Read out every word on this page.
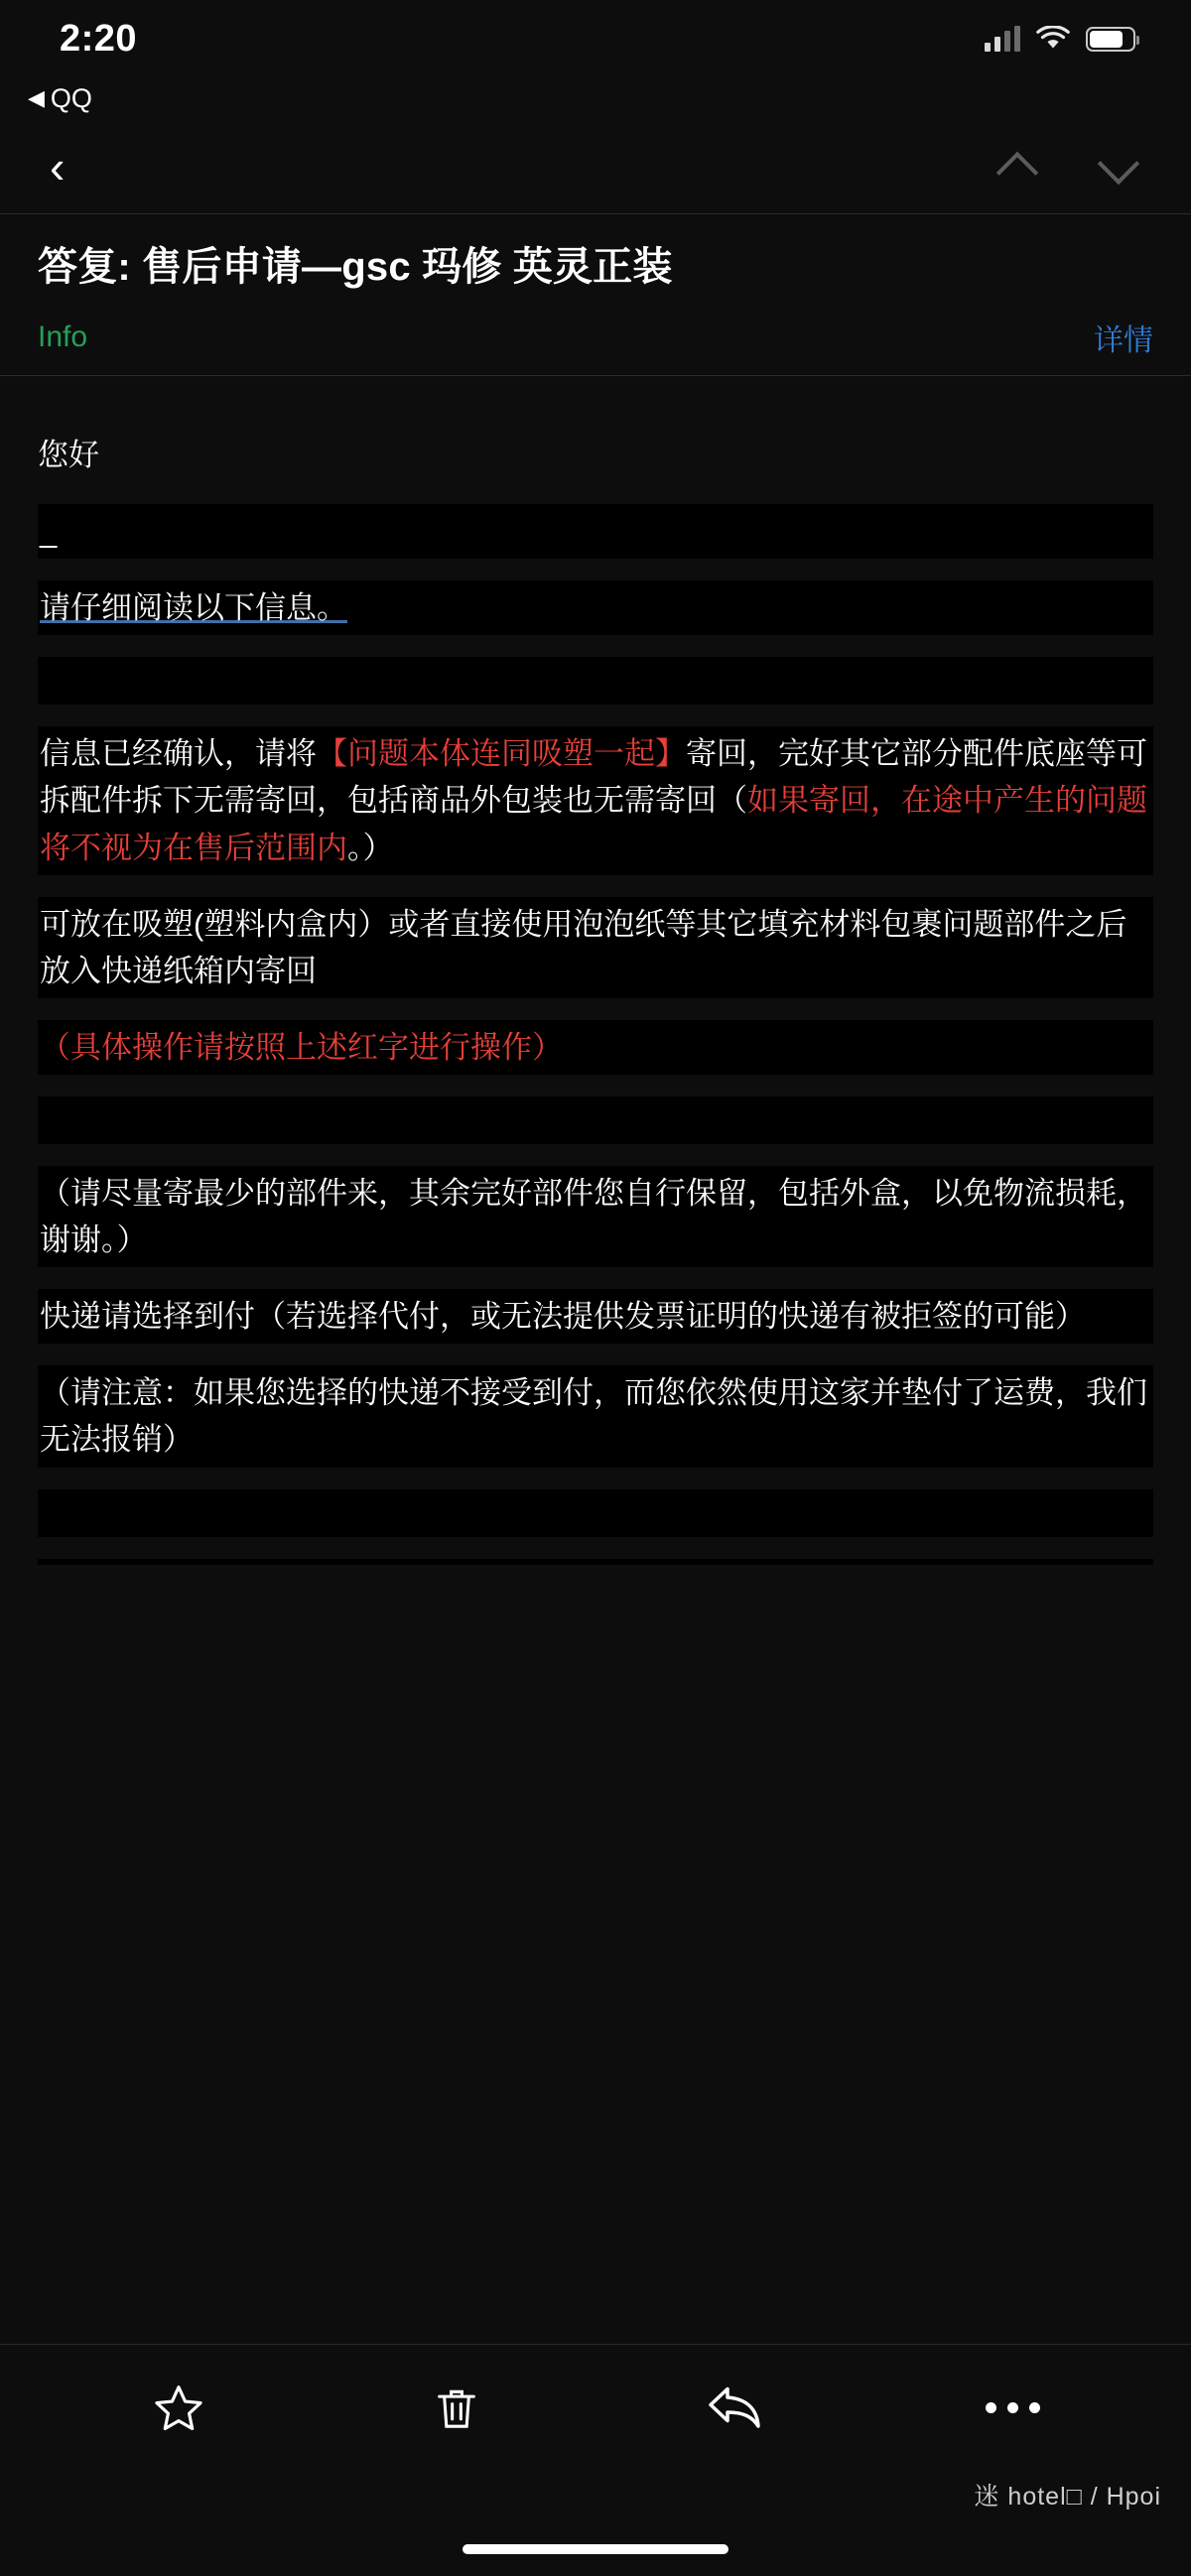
2:20
◀ QQ
‹
答复: 售后申请—gsc 玛修 英灵正装
Info	详情
您好
_
请仔细阅读以下信息。
信息已经确认，请将【问题本体连同吸塑一起】寄回，完好其它部分配件底座等可拆配件拆下无需寄回，包括商品外包装也无需寄回（如果寄回，在途中产生的问题将不视为在售后范围内。）
可放在吸塑(塑料内盒内）或者直接使用泡泡纸等其它填充材料包裹问题部件之后放入快递纸箱内寄回
（具体操作请按照上述红字进行操作）
（请尽量寄最少的部件来，其余完好部件您自行保留，包括外盒，以免物流损耗，谢谢。）
快递请选择到付（若选择代付，或无法提供发票证明的快递有被拒签的可能）
（请注意：如果您选择的快递不接受到付，而您依然使用这家并垫付了运费，我们无法报销）
迷 hotel□ / Hpoi
